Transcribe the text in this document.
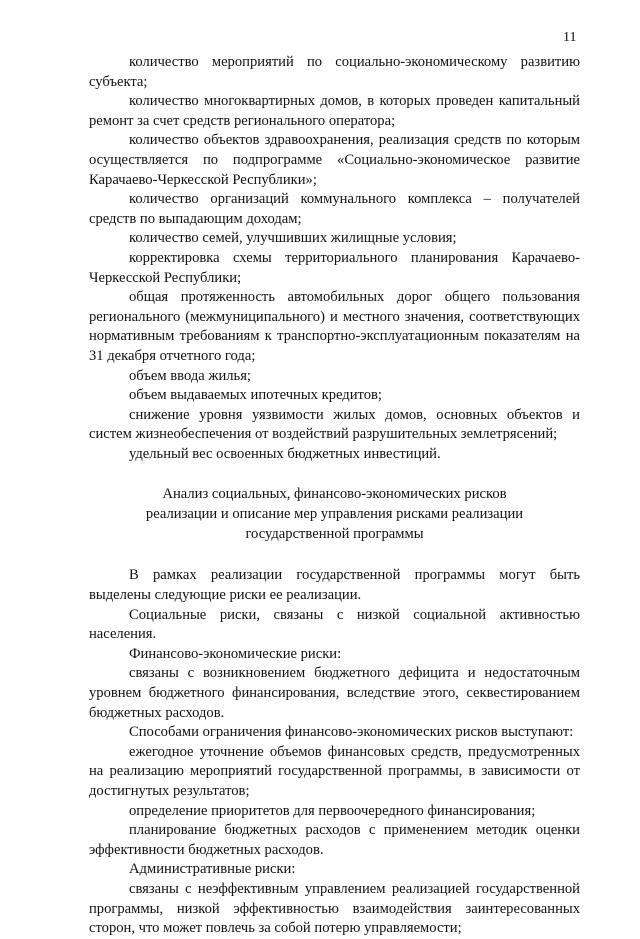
11

количество мероприятий по социально-экономическому развитию субъекта;

количество многоквартирных домов, в которых проведен капитальный ремонт за счет средств регионального оператора;

количество объектов здравоохранения, реализация средств по которым осуществляется по подпрограмме «Социально-экономическое развитие Карачаево-Черкесской Республики»;

количество организаций коммунального комплекса – получателей средств по выпадающим доходам;

количество семей, улучшивших жилищные условия;

корректировка схемы территориального планирования Карачаево-Черкесской Республики;

общая протяженность автомобильных дорог общего пользования регионального (межмуниципального) и местного значения, соответствующих нормативным требованиям к транспортно-эксплуатационным показателям на 31 декабря отчетного года;

объем ввода жилья;

объем выдаваемых ипотечных кредитов;

снижение уровня уязвимости жилых домов, основных объектов и систем жизнеобеспечения от воздействий разрушительных землетрясений;

удельный вес освоенных бюджетных инвестиций.

Анализ социальных, финансово-экономических рисков
реализации и описание мер управления рисками реализации
государственной программы

В рамках реализации государственной программы могут быть выделены следующие риски ее реализации.

Социальные риски, связаны с низкой социальной активностью населения.

Финансово-экономические риски:

связаны с возникновением бюджетного дефицита и недостаточным уровнем бюджетного финансирования, вследствие этого, секвестированием бюджетных расходов.

Способами ограничения финансово-экономических рисков выступают:

ежегодное уточнение объемов финансовых средств, предусмотренных на реализацию мероприятий государственной программы, в зависимости от достигнутых результатов;

определение приоритетов для первоочередного финансирования;

планирование бюджетных расходов с применением методик оценки эффективности бюджетных расходов.

Административные риски:

связаны с неэффективным управлением реализацией государственной программы, низкой эффективностью взаимодействия заинтересованных сторон, что может повлечь за собой потерю управляемости;
